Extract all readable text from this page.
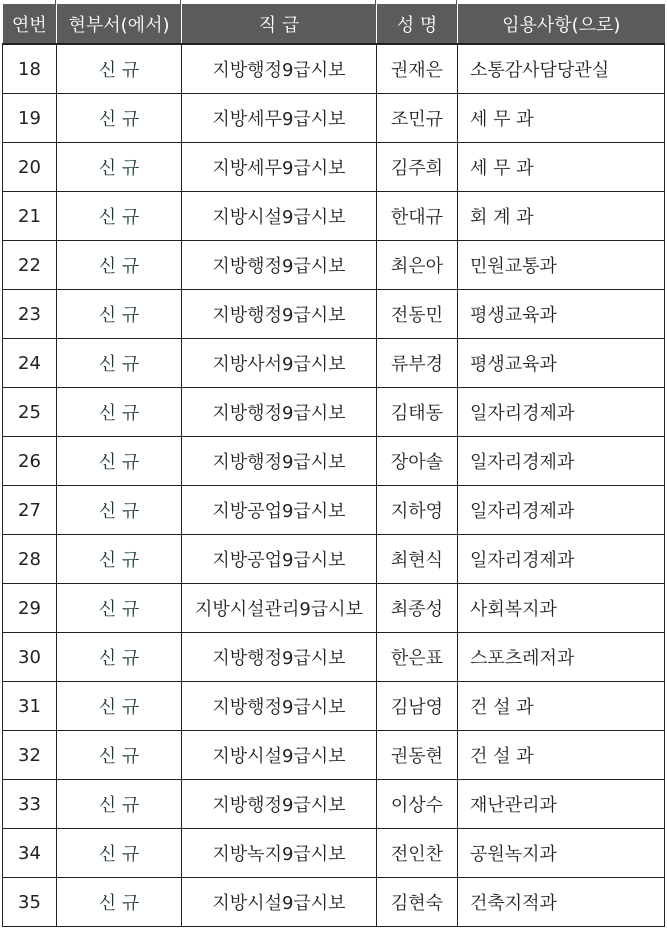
연번	현부서(에서)	직 급	성 명	임용사항(으로)
18	신 규	지방행정9급시보	권재은	소통감사담당관실
19	신 규	지방세무9급시보	조민규	세 무 과
20	신 규	지방세무9급시보	김주희	세 무 과
21	신 규	지방시설9급시보	한대규	회 계 과
22	신 규	지방행정9급시보	최은아	민원교통과
23	신 규	지방행정9급시보	전동민	평생교육과
24	신 규	지방사서9급시보	류부경	평생교육과
25	신 규	지방행정9급시보	김태동	일자리경제과
26	신 규	지방행정9급시보	장아솔	일자리경제과
27	신 규	지방공업9급시보	지하영	일자리경제과
28	신 규	지방공업9급시보	최현식	일자리경제과
29	신 규	지방시설관리9급시보	최종성	사회복지과
30	신 규	지방행정9급시보	한은표	스포츠레저과
31	신 규	지방행정9급시보	김남영	건 설 과
32	신 규	지방시설9급시보	권동현	건 설 과
33	신 규	지방행정9급시보	이상수	재난관리과
34	신 규	지방녹지9급시보	전인찬	공원녹지과
35	신 규	지방시설9급시보	김현숙	건축지적과
